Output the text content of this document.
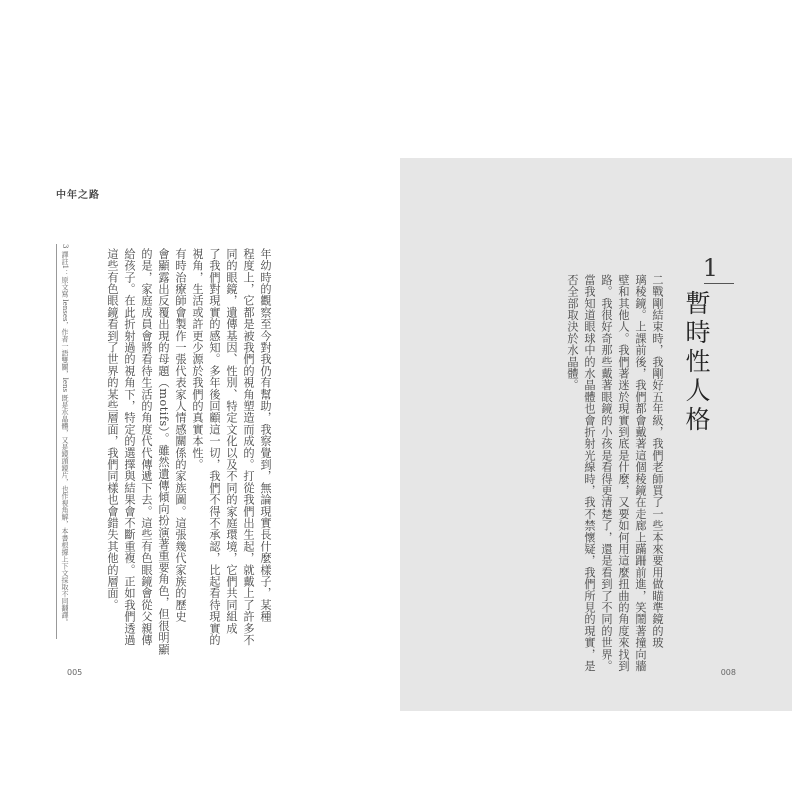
中年之路
年幼時的觀察至今對我仍有幫助，我察覺到，無論現實長什麼樣子，某種
程度上，它都是被我們的視角塑造而成的。打從我們出生起，就戴上了許多不
同的眼鏡，遺傳基因、性別、特定文化以及不同的家庭環境，它們共同組成
了我們對現實的感知。多年後回顧這一切，我們不得不承認，比起看待現實的
視角，生活或許更少源於我們的真實本性。
有時治療師會製作一張代表家人情感關係的家族圖。這張幾代家族的歷史
會顯露出反覆出現的母題（motifs）。雖然遺傳傾向扮演著重要角色，但很明顯
的是，家庭成員會將看待生活的角度代代傳遞下去。這些有色眼鏡會從父親傳
給孩子。在此折射過的視角下，特定的選擇與結果會不斷重複。正如我們透過
這些有色眼鏡看到了世界的某些層面，我們同樣也會錯失其他的層面。
3 譯註1：原文寫 lenses，作者一語雙關，lens 既是水晶體，又是鏡頭鏡片，也作視角解，本書根據上下文採取不同翻譯。
005
1
暫時性人格
二戰剛結束時，我剛好五年級，我們老師買了一些本來要用做瞄準鏡的玻
璃稜鏡。上課前後，我們都會戴著這個稜鏡在走廊上蹣跚前進，笑鬧著撞向牆
壁和其他人。我們著迷於現實到底是什麼，又要如何用這麼扭曲的角度來找到
路。我很好奇那些戴著眼鏡的小孩是看得更清楚了，還是看到了不同的世界。
當我知道眼球中的水晶體也會折射光線時，我不禁懷疑，我們所見的現實，是
否全部取決於水晶體。
008
